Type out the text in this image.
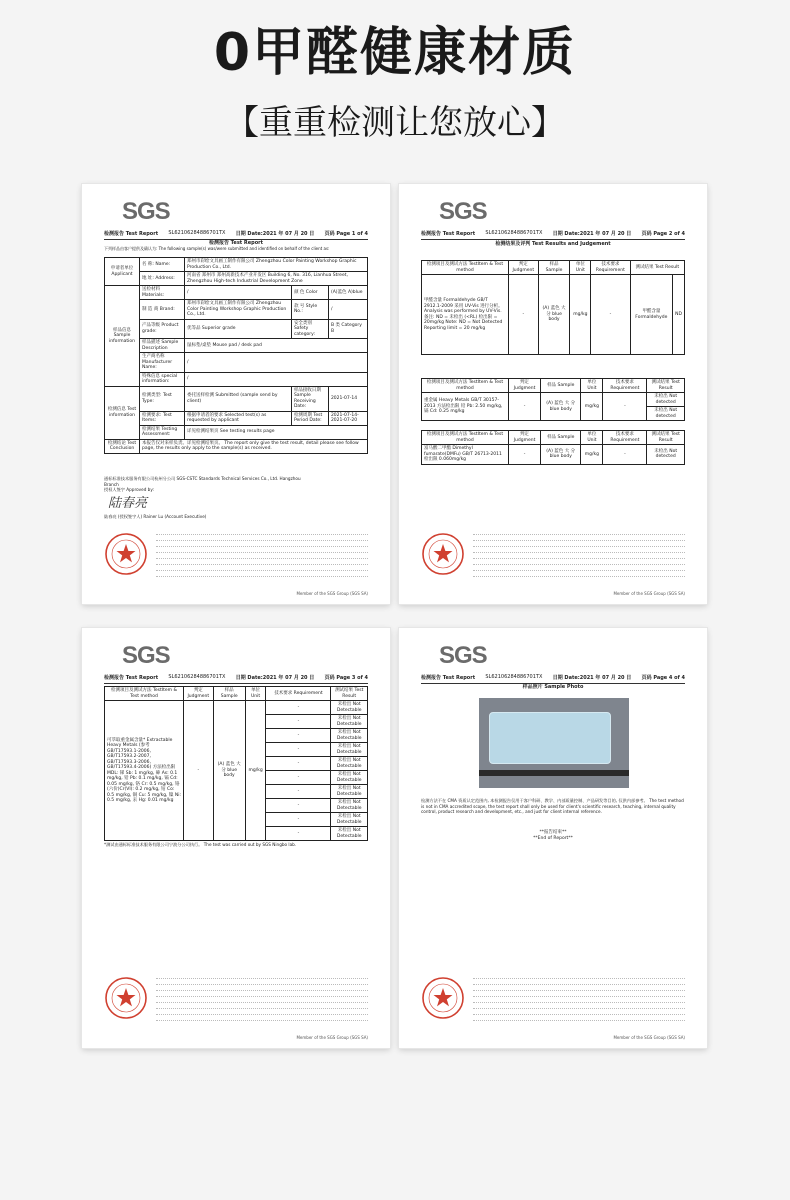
0甲醛健康材质
【重重检测让您放心】
SGS
检测报告 Test Report SL62106284886701TX 日期 Date:2021 年 07 月 20 日 页码 Page 1 of 4
检测报告 Test Report
下列样品由客户提供及确认为: The following sample(s) was/were submitted and identified on behalf of the client as:
申请者单位 Applicant	名 称: Name:	郑州市彩绘文具画工制作有限公司 Zhengzhou Color Painting Workshop Graphic Production Co., Ltd.		
	地 址: Address:	河南省 郑州市 郑州高新技术产业开发区 Building 6, No. 316, Lianhua Street, Zhengzhou High-tech Industrial Development Zone		
样品信息 Sample information	送检材料 Materials:	/	颜 色 Color	(A)蓝色 A)blue
	制 造 商 Brand:	郑州市彩绘文具画工制作有限公司 Zhengzhou Color Painting Workshop Graphic Production Co., Ltd.	款 号 Style No.:	/
	产品等级 Product grade:	优等品 Superior grade	安全类别 Safety category:	B 类 Category B
	样品描述 Sample Description	鼠标垫/桌垫 Mouse pad / desk pad		
	生产商名称 Manufacturer Name:	/		
	特殊信息 special information:	/		
检测信息 Test information	检测类型: Test Type:	委托送样检测 Submitted (sample send by client)	样品接收日期 Sample Receiving Date:	2021-07-14
	检测要求: Test Items:	根据申请者的要求 Selected test(s) as requested by applicant	检测周期 Test Period Date:	2021-07-14-2021-07-20
	检测结果 Testing Assessment:	详见检测结果页 See testing results page		
检测结论 Test Conclusion	本报告仅对来样负责。详见检测结果页。 The report only give the test result, detail please see follow page, the results only apply to the sample(s) as received.			
通标标准技术服务有限公司杭州分公司 SGS-CSTC Standards Technical Services Co., Ltd. Hangzhou Branch
授权人签字 Approved by:
陆春亮
陆春亮 (授权签字人) Rainer Lu (Account Executive)
Member of the SGS Group (SGS SA)
SGS
检测报告 Test Report SL62106284886701TX 日期 Date:2021 年 07 月 20 日 页码 Page 2 of 4
检测结果及评判 Test Results and Judgement
检测项目及测试方法 TestItem & Test method	判定 Judgment	样品 Sample	单位 Unit	技术要求 Requirement	测试结果 Test Result	
甲醛含量 Formaldehyde GB/T 2912.1-2009 采用 UV-Vis 进行分析。 Analysis was performed by UV-Vis. 备注: ND = 未检出 (<RL) 检出限 = 20mg/kg Note: ND = Not Detected Reporting limit = 20 mg/kg	-	(A) 蓝色 大 分 blue body	mg/kg	-	甲醛含量 Formaldehyde	ND
检测项目及测试方法 TestItem & Test method	判定 Judgment	样品 Sample	单位 Unit	技术要求 Requirement	测试结果 Test Result
重金属 Heavy Metals GB/T 30157-2013 方法检出限 铅 Pb: 2.50 mg/kg, 镉 Cd: 0.25 mg/kg	-	(A) 蓝色 大 分 blue body	mg/kg	-	未检出 Not detected
					未检出 Not detected
检测项目及测试方法 TestItem & Test method	判定 Judgment	样品 Sample	单位 Unit	技术要求 Requirement	测试结果 Test Result
富马酸二甲酯 Dimethyl fumarate(DMFu) GB/T 26713-2011 检出限 0.060mg/kg	-	(A) 蓝色 大 分 blue body	mg/kg	-	未检出 Not detected
Member of the SGS Group (SGS SA)
SGS
检测报告 Test Report SL62106284886701TX 日期 Date:2021 年 07 月 20 日 页码 Page 3 of 4
检测项目及测试方法 TestItem & Test method	判定 Judgment	样品 Sample	单位 Unit	技术要求 Requirement	测试结果 Test Result
可萃取重金属含量* Extractable Heavy Metals (参考 GB/T17593.1-2006, GB/T17593.2-2007, GB/T17593.3-2006, GB/T17593.4-2006) 方法检出限 MDL: 锑 Sb: 1 mg/kg, 砷 As: 0.1 mg/kg, 铅 Pb: 0.1 mg/kg, 镉 Cd: 0.05 mg/kg, 铬 Cr: 0.5 mg/kg, 铬(六价)Cr(VI): 0.2 mg/kg, 钴 Co: 0.5 mg/kg, 铜 Cu: 5 mg/kg, 镍 Ni: 0.5 mg/kg, 汞 Hg: 0.01 mg/kg	-	(A) 蓝色 大 分 blue body	mg/kg	-	未检出 Not Detectable
				-	未检出 Not Detectable
				-	未检出 Not Detectable
				-	未检出 Not Detectable
				-	未检出 Not Detectable
				-	未检出 Not Detectable
				-	未检出 Not Detectable
				-	未检出 Not Detectable
				-	未检出 Not Detectable
				-	未检出 Not Detectable
*测试由通标标准技术服务有限公司宁波分公司执行。 The test was carried out by SGS Ningbo lab.
Member of the SGS Group (SGS SA)
SGS
检测报告 Test Report SL62106284886701TX 日期 Date:2021 年 07 月 20 日 页码 Page 4 of 4
样品照片 Sample Photo
检测方法不在 CMA 资质认定范围内, 本检测报告仅用于客户科研、教学、内部质量控制、产品研发等目的, 仅供内部参考。 The test method is not in CMA accredited scope, the test report shall only be used for client's scientific research, teaching, internal quality control, product research and development, etc., and just for client internal reference.
**报告结束**
**End of Report**
Member of the SGS Group (SGS SA)
